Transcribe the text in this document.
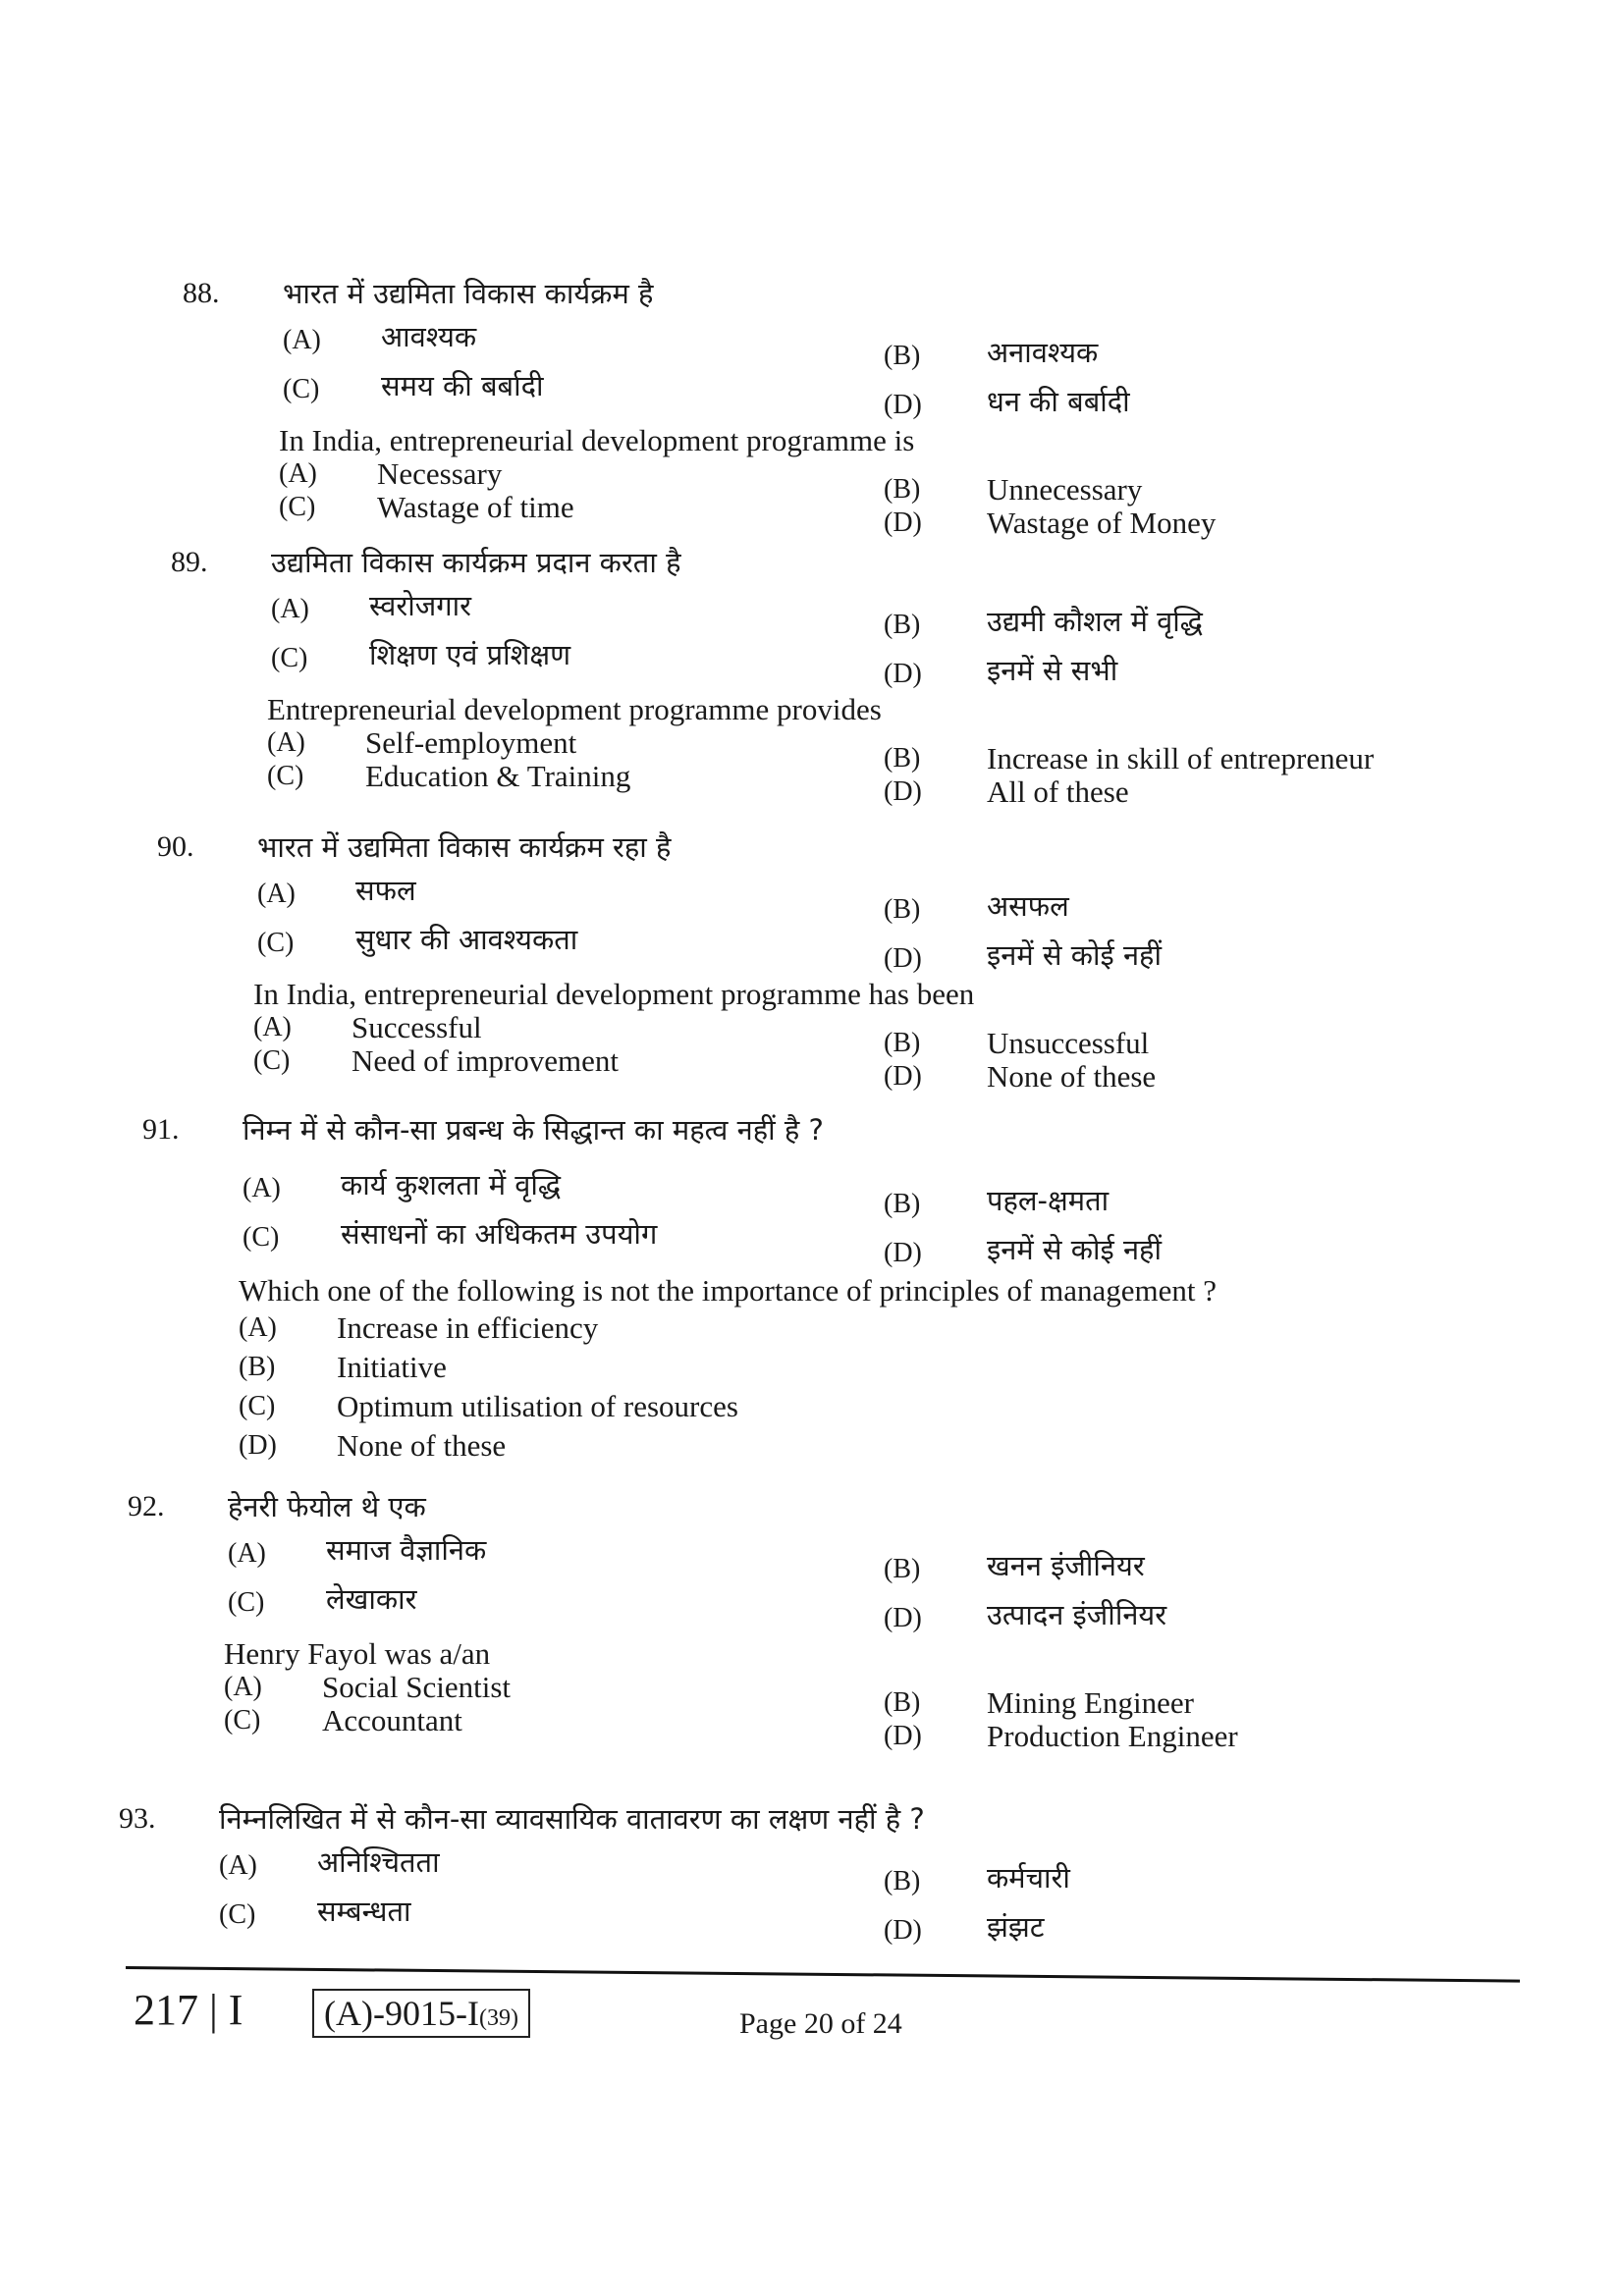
88. भारत में उद्यमिता विकास कार्यक्रम है
(A) आवश्यक
(B) अनावश्यक
(C) समय की बर्बादी
(D) धन की बर्बादी
In India, entrepreneurial development programme is
(A) Necessary	(B) Unnecessary
(C) Wastage of time	(D) Wastage of Money
89. उद्यमिता विकास कार्यक्रम प्रदान करता है
(A) स्वरोजगार
(B) उद्यमी कौशल में वृद्धि
(C) शिक्षण एवं प्रशिक्षण
(D) इनमें से सभी
Entrepreneurial development programme provides
(A) Self-employment	(B) Increase in skill of entrepreneur
(C) Education & Training	(D) All of these
90. भारत में उद्यमिता विकास कार्यक्रम रहा है
(A) सफल
(B) असफल
(C) सुधार की आवश्यकता
(D) इनमें से कोई नहीं
In India, entrepreneurial development programme has been
(A) Successful	(B) Unsuccessful
(C) Need of improvement	(D) None of these
91. निम्न में से कौन-सा प्रबन्ध के सिद्धान्त का महत्व नहीं है ?
(A) कार्य कुशलता में वृद्धि
(B) पहल-क्षमता
(C) संसाधनों का अधिकतम उपयोग
(D) इनमें से कोई नहीं
Which one of the following is not the importance of principles of management ?
(A) Increase in efficiency
(B) Initiative
(C) Optimum utilisation of resources
(D) None of these
92. हेनरी फेयोल थे एक
(A) समाज वैज्ञानिक
(B) खनन इंजीनियर
(C) लेखाकार
(D) उत्पादन इंजीनियर
Henry Fayol was a/an
(A) Social Scientist	(B) Mining Engineer
(C) Accountant	(D) Production Engineer
93. निम्नलिखित में से कौन-सा व्यावसायिक वातावरण का लक्षण नहीं है ?
(A) अनिश्चितता
(B) कर्मचारी
(C) सम्बन्धता
(D) झंझट
217 | I	(A)-9015-I(39)	Page 20 of 24
